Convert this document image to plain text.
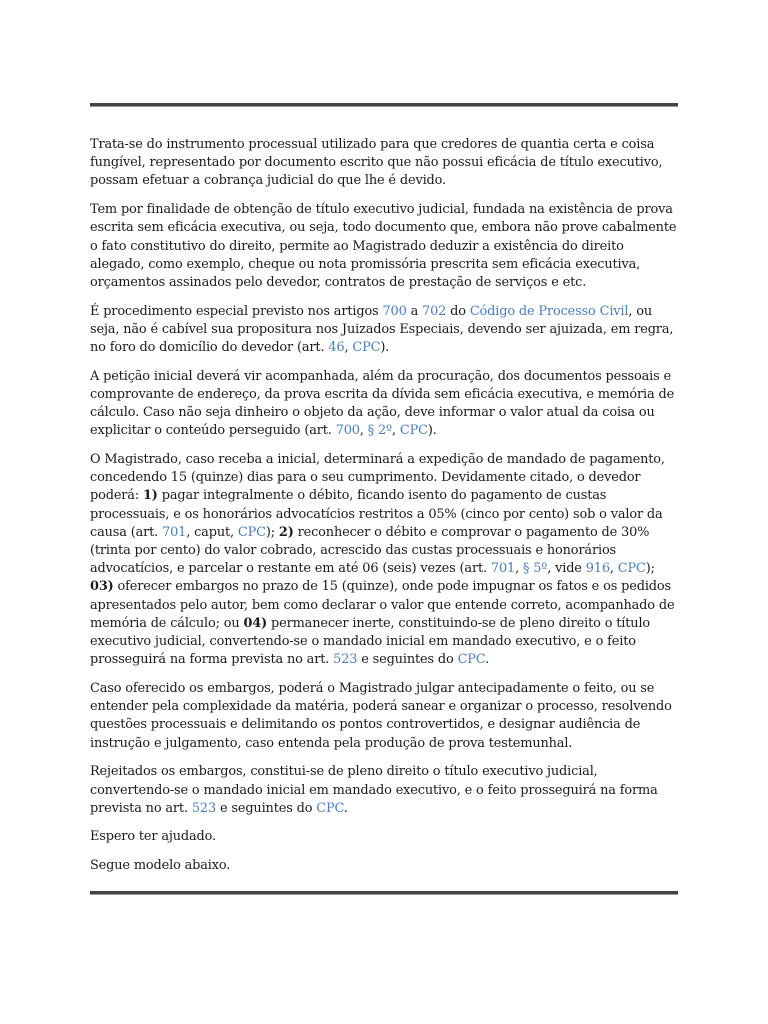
Trata-se do instrumento processual utilizado para que credores de quantia certa e coisa fungível, representado por documento escrito que não possui eficácia de título executivo, possam efetuar a cobrança judicial do que lhe é devido.

Tem por finalidade de obtenção de título executivo judicial, fundada na existência de prova escrita sem eficácia executiva, ou seja, todo documento que, embora não prove cabalmente o fato constitutivo do direito, permite ao Magistrado deduzir a existência do direito alegado, como exemplo, cheque ou nota promissória prescrita sem eficácia executiva, orçamentos assinados pelo devedor, contratos de prestação de serviços e etc.

É procedimento especial previsto nos artigos 700 a 702 do Código de Processo Civil, ou seja, não é cabível sua propositura nos Juizados Especiais, devendo ser ajuizada, em regra, no foro do domicílio do devedor (art. 46, CPC).

A petição inicial deverá vir acompanhada, além da procuração, dos documentos pessoais e comprovante de endereço, da prova escrita da dívida sem eficácia executiva, e memória de cálculo. Caso não seja dinheiro o objeto da ação, deve informar o valor atual da coisa ou explicitar o conteúdo perseguido (art. 700, § 2º, CPC).

O Magistrado, caso receba a inicial, determinará a expedição de mandado de pagamento, concedendo 15 (quinze) dias para o seu cumprimento. Devidamente citado, o devedor poderá: 1) pagar integralmente o débito, ficando isento do pagamento de custas processuais, e os honorários advocatícios restritos a 05% (cinco por cento) sob o valor da causa (art. 701, caput, CPC); 2) reconhecer o débito e comprovar o pagamento de 30% (trinta por cento) do valor cobrado, acrescido das custas processuais e honorários advocatícios, e parcelar o restante em até 06 (seis) vezes (art. 701, § 5º, vide 916, CPC); 03) oferecer embargos no prazo de 15 (quinze), onde pode impugnar os fatos e os pedidos apresentados pelo autor, bem como declarar o valor que entende correto, acompanhado de memória de cálculo; ou 04) permanecer inerte, constituindo-se de pleno direito o título executivo judicial, convertendo-se o mandado inicial em mandado executivo, e o feito prosseguirá na forma prevista no art. 523 e seguintes do CPC.

Caso oferecido os embargos, poderá o Magistrado julgar antecipadamente o feito, ou se entender pela complexidade da matéria, poderá sanear e organizar o processo, resolvendo questões processuais e delimitando os pontos controvertidos, e designar audiência de instrução e julgamento, caso entenda pela produção de prova testemunhal.

Rejeitados os embargos, constitui-se de pleno direito o título executivo judicial, convertendo-se o mandado inicial em mandado executivo, e o feito prosseguirá na forma prevista no art. 523 e seguintes do CPC.

Espero ter ajudado.

Segue modelo abaixo.
